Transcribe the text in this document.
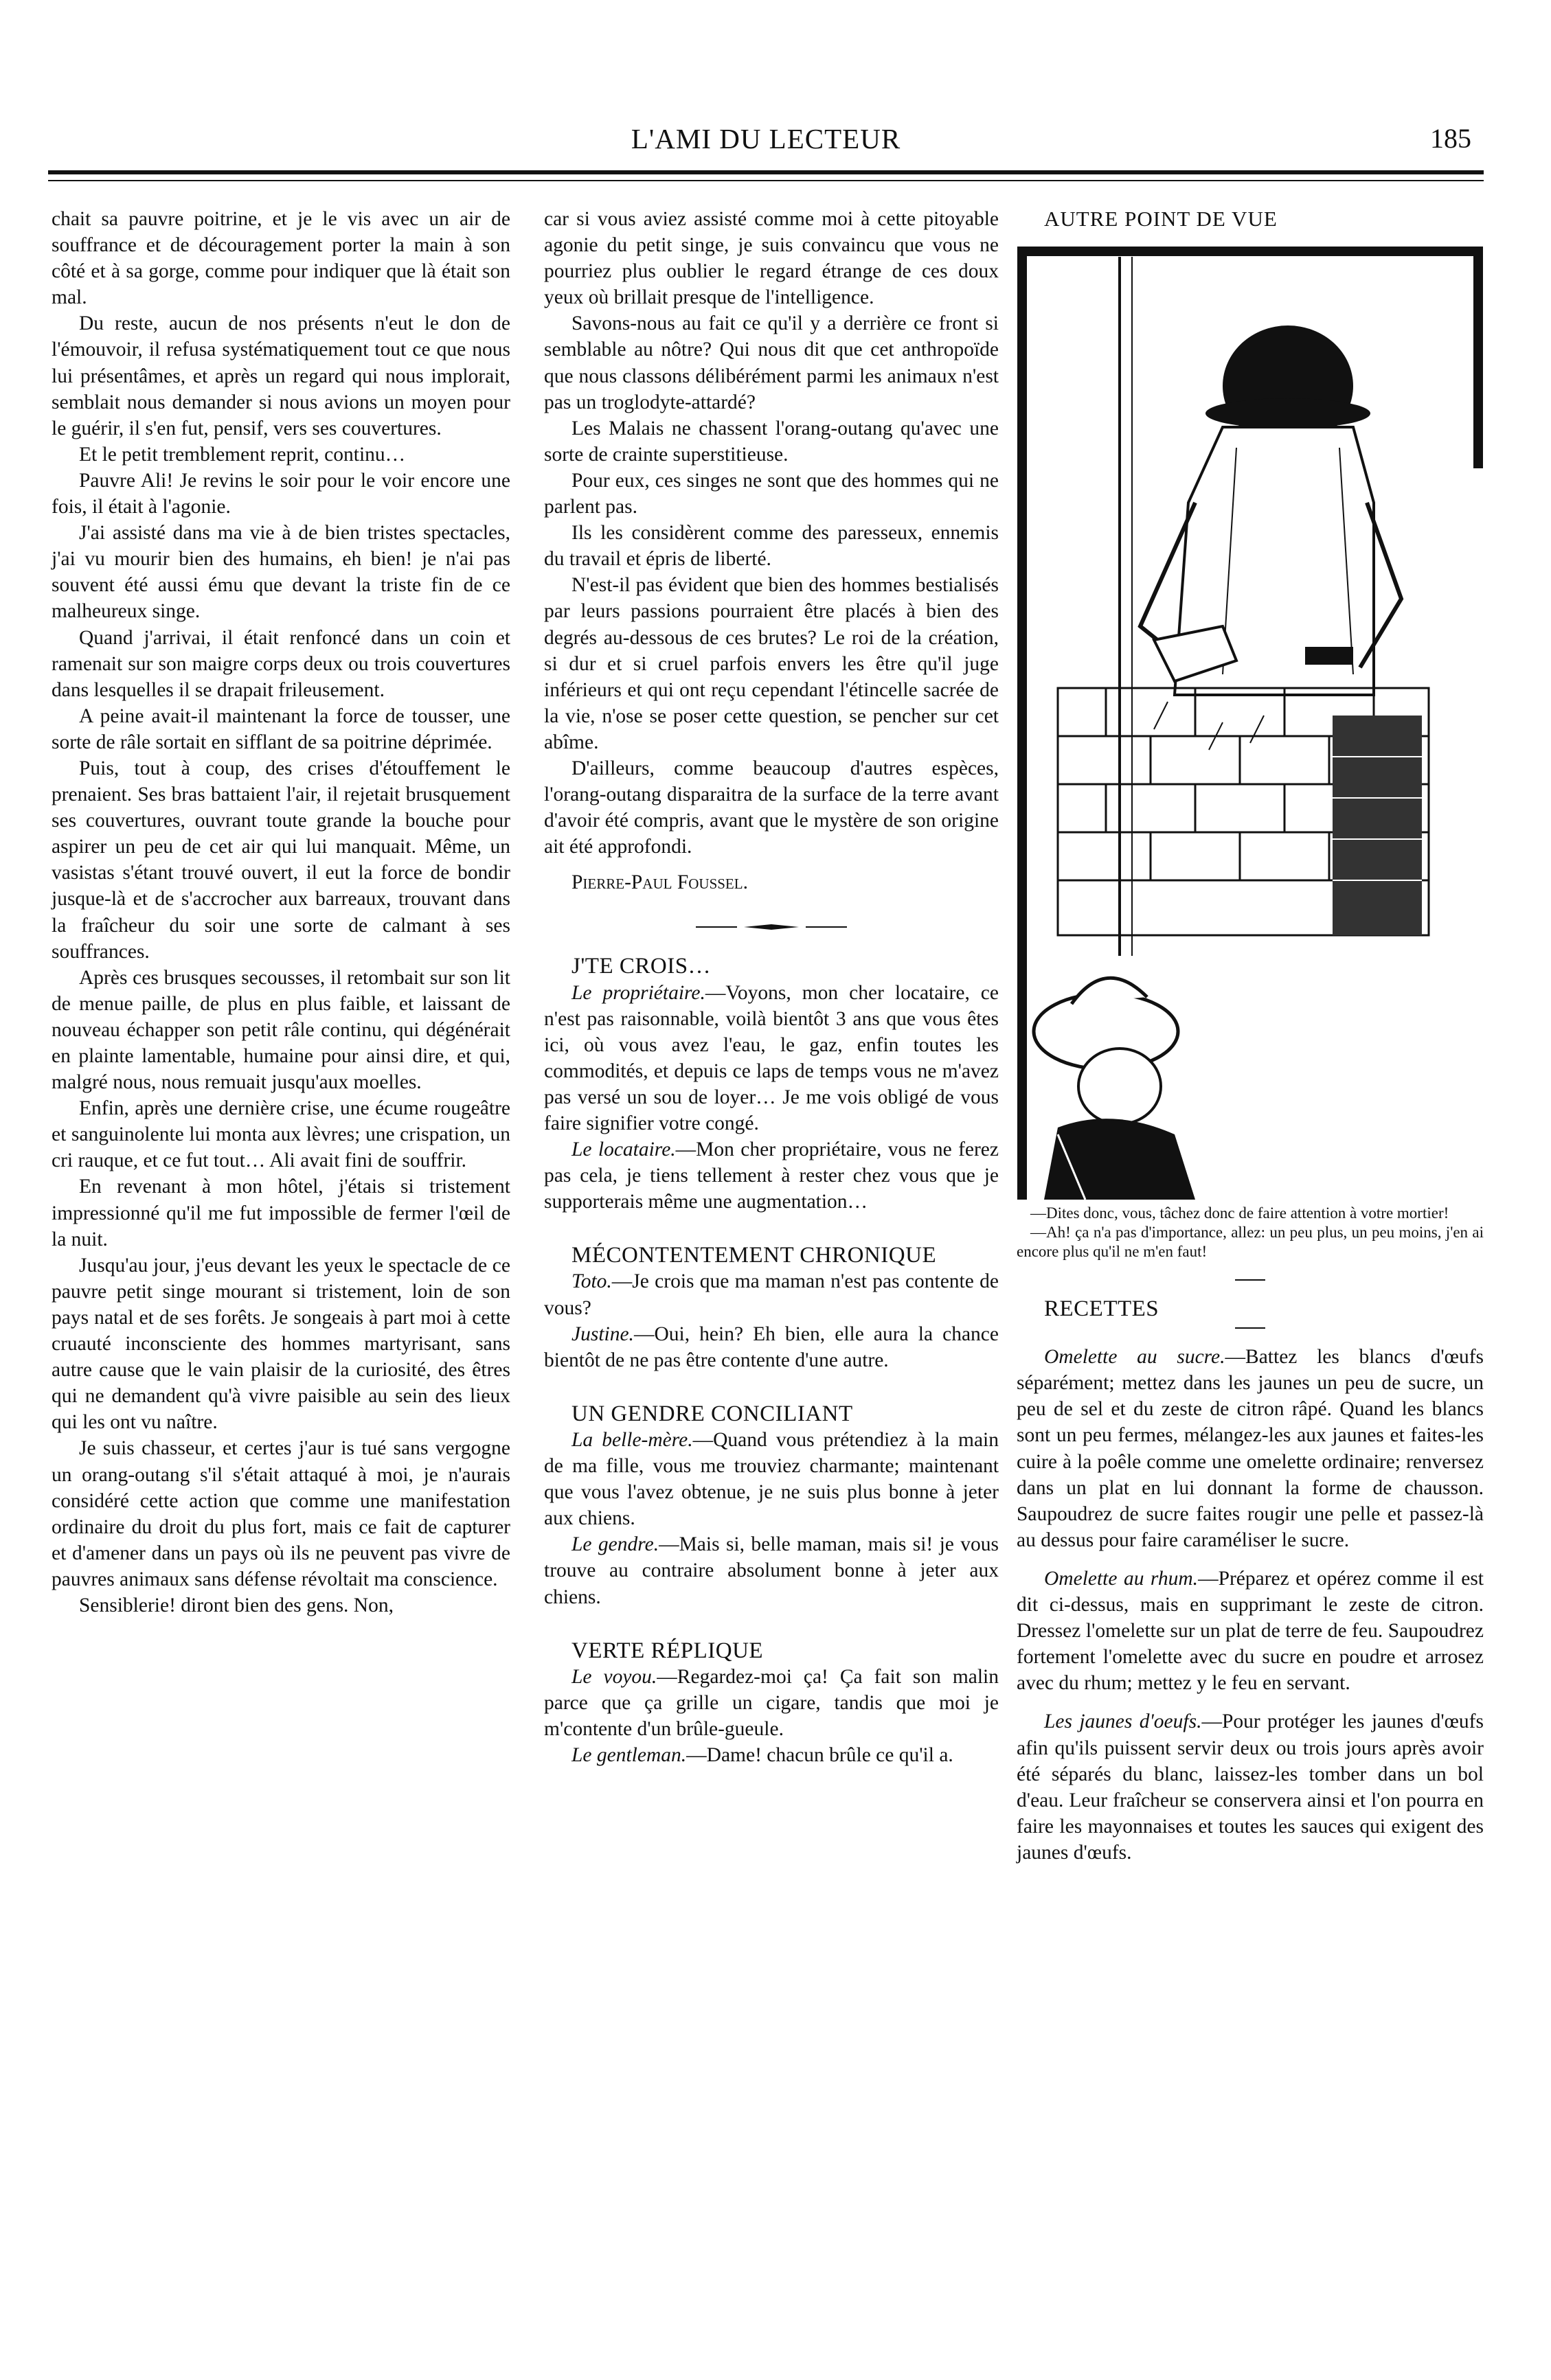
L'AMI DU LECTEUR	185

chait sa pauvre poitrine, et je le vis avec un air de souffrance et de découragement porter la main à son côté et à sa gorge, comme pour indiquer que là était son mal.

Du reste, aucun de nos présents n'eut le don de l'émouvoir, il refusa systématiquement tout ce que nous lui présentâmes, et après un regard qui nous implorait, semblait nous demander si nous avions un moyen pour le guérir, il s'en fut, pensif, vers ses couvertures.

Et le petit tremblement reprit, continu…

Pauvre Ali! Je revins le soir pour le voir encore une fois, il était à l'agonie.

J'ai assisté dans ma vie à de bien tristes spectacles, j'ai vu mourir bien des humains, eh bien! je n'ai pas souvent été aussi ému que devant la triste fin de ce malheureux singe.

Quand j'arrivai, il était renfoncé dans un coin et ramenait sur son maigre corps deux ou trois couvertures dans lesquelles il se drapait frileusement.

A peine avait-il maintenant la force de tousser, une sorte de râle sortait en sifflant de sa poitrine déprimée.

Puis, tout à coup, des crises d'étouffement le prenaient. Ses bras battaient l'air, il rejetait brusquement ses couvertures, ouvrant toute grande la bouche pour aspirer un peu de cet air qui lui manquait. Même, un vasistas s'étant trouvé ouvert, il eut la force de bondir jusque-là et de s'accrocher aux barreaux, trouvant dans la fraîcheur du soir une sorte de calmant à ses souffrances.

Après ces brusques secousses, il retombait sur son lit de menue paille, de plus en plus faible, et laissant de nouveau échapper son petit râle continu, qui dégénérait en plainte lamentable, humaine pour ainsi dire, et qui, malgré nous, nous remuait jusqu'aux moelles.

Enfin, après une dernière crise, une écume rougeâtre et sanguinolente lui monta aux lèvres; une crispation, un cri rauque, et ce fut tout… Ali avait fini de souffrir.

En revenant à mon hôtel, j'étais si tristement impressionné qu'il me fut impossible de fermer l'œil de la nuit.

Jusqu'au jour, j'eus devant les yeux le spectacle de ce pauvre petit singe mourant si tristement, loin de son pays natal et de ses forêts. Je songeais à part moi à cette cruauté inconsciente des hommes martyrisant, sans autre cause que le vain plaisir de la curiosité, des êtres qui ne demandent qu'à vivre paisible au sein des lieux qui les ont vu naître.

Je suis chasseur, et certes j'aur is tué sans vergogne un orang-outang s'il s'était attaqué à moi, je n'aurais considéré cette action que comme une manifestation ordinaire du droit du plus fort, mais ce fait de capturer et d'amener dans un pays où ils ne peuvent pas vivre de pauvres animaux sans défense révoltait ma conscience.

Sensiblerie! diront bien des gens. Non,

car si vous aviez assisté comme moi à cette pitoyable agonie du petit singe, je suis convaincu que vous ne pourriez plus oublier le regard étrange de ces doux yeux où brillait presque de l'intelligence.

Savons-nous au fait ce qu'il y a derrière ce front si semblable au nôtre? Qui nous dit que cet anthropoïde que nous classons délibérément parmi les animaux n'est pas un troglodyte-attardé?

Les Malais ne chassent l'orang-outang qu'avec une sorte de crainte superstitieuse.

Pour eux, ces singes ne sont que des hommes qui ne parlent pas.

Ils les considèrent comme des paresseux, ennemis du travail et épris de liberté.

N'est-il pas évident que bien des hommes bestialisés par leurs passions pourraient être placés à bien des degrés au-dessous de ces brutes? Le roi de la création, si dur et si cruel parfois envers les être qu'il juge inférieurs et qui ont reçu cependant l'étincelle sacrée de la vie, n'ose se poser cette question, se pencher sur cet abîme.

D'ailleurs, comme beaucoup d'autres espèces, l'orang-outang disparaitra de la surface de la terre avant d'avoir été compris, avant que le mystère de son origine ait été approfondi.

Pierre-Paul Foussel.

J'TE CROIS…

Le propriétaire.—Voyons, mon cher locataire, ce n'est pas raisonnable, voilà bientôt 3 ans que vous êtes ici, où vous avez l'eau, le gaz, enfin toutes les commodités, et depuis ce laps de temps vous ne m'avez pas versé un sou de loyer… Je me vois obligé de vous faire signifier votre congé.

Le locataire.—Mon cher propriétaire, vous ne ferez pas cela, je tiens tellement à rester chez vous que je supporterais même une augmentation…

MÉCONTENTEMENT CHRONIQUE

Toto.—Je crois que ma maman n'est pas contente de vous?

Justine.—Oui, hein? Eh bien, elle aura la chance bientôt de ne pas être contente d'une autre.

UN GENDRE CONCILIANT

La belle-mère.—Quand vous prétendiez à la main de ma fille, vous me trouviez charmante; maintenant que vous l'avez obtenue, je ne suis plus bonne à jeter aux chiens.

Le gendre.—Mais si, belle maman, mais si! je vous trouve au contraire absolument bonne à jeter aux chiens.

VERTE RÉPLIQUE

Le voyou.—Regardez-moi ça! Ça fait son malin parce que ça grille un cigare, tandis que moi je m'contente d'un brûle-gueule.

Le gentleman.—Dame! chacun brûle ce qu'il a.

AUTRE POINT DE VUE

—Dites donc, vous, tâchez donc de faire attention à votre mortier!

—Ah! ça n'a pas d'importance, allez: un peu plus, un peu moins, j'en ai encore plus qu'il ne m'en faut!

RECETTES

Omelette au sucre.—Battez les blancs d'œufs séparément; mettez dans les jaunes un peu de sucre, un peu de sel et du zeste de citron râpé. Quand les blancs sont un peu fermes, mélangez-les aux jaunes et faites-les cuire à la poêle comme une omelette ordinaire; renversez dans un plat en lui donnant la forme de chausson. Saupoudrez de sucre faites rougir une pelle et passez-là au dessus pour faire caraméliser le sucre.

Omelette au rhum.—Préparez et opérez comme il est dit ci-dessus, mais en supprimant le zeste de citron. Dressez l'omelette sur un plat de terre de feu. Saupoudrez fortement l'omelette avec du sucre en poudre et arrosez avec du rhum; mettez y le feu en servant.

Les jaunes d'oeufs.—Pour protéger les jaunes d'œufs afin qu'ils puissent servir deux ou trois jours après avoir été séparés du blanc, laissez-les tomber dans un bol d'eau. Leur fraîcheur se conservera ainsi et l'on pourra en faire les mayonnaises et toutes les sauces qui exigent des jaunes d'œufs.
